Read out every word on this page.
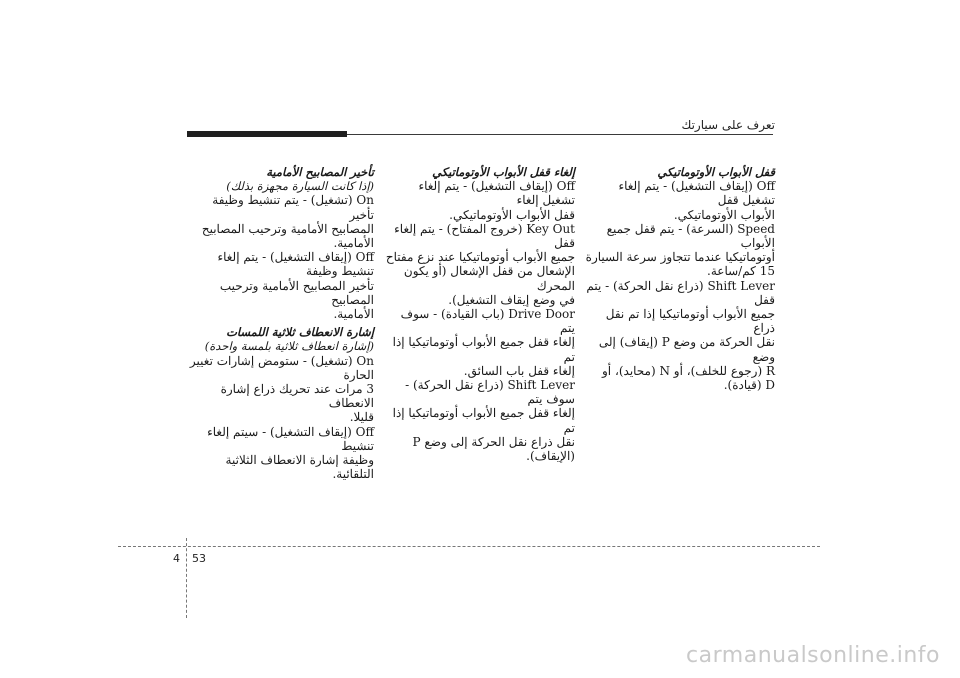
تعرف على سيارتك

قفل الأبواب الأوتوماتيكي

Off (إيقاف التشغيل) - يتم إلغاء تشغيل قفل

الأبواب الأوتوماتيكي.

Speed (السرعة) - يتم قفل جميع الأبواب

أوتوماتيكيا عندما تتجاوز سرعة السيارة

15 كم/ساعة.

Shift Lever (ذراع نقل الحركة) - يتم قفل

جميع الأبواب أوتوماتيكيا إذا تم نقل ذراع

نقل الحركة من وضع P (إيقاف) إلى وضع

R (رجوع للخلف)، أو N (محايد)، أو

D (قيادة).

إلغاء قفل الأبواب الأوتوماتيكي

Off (إيقاف التشغيل) - يتم إلغاء تشغيل إلغاء

قفل الأبواب الأوتوماتيكي.

Key Out (خروج المفتاح) - يتم إلغاء قفل

جميع الأبواب أوتوماتيكيا عند نزع مفتاح

الإشعال من قفل الإشعال (أو يكون المحرك

في وضع إيقاف التشغيل).

Drive Door (باب القيادة) - سوف يتم

إلغاء قفل جميع الأبواب أوتوماتيكيا إذا تم

إلغاء قفل باب السائق.

Shift Lever (ذراع نقل الحركة) - سوف يتم

إلغاء قفل جميع الأبواب أوتوماتيكيا إذا تم

نقل ذراع نقل الحركة إلى وضع P

(الإيقاف).

تأخير المصابيح الأمامية

(إذا كانت السيارة مجهزة بذلك)

On (تشغيل) - يتم تنشيط وظيفة تأخير

المصابيح الأمامية وترحيب المصابيح

الأمامية.

Off (إيقاف التشغيل) - يتم إلغاء تنشيط وظيفة

تأخير المصابيح الأمامية وترحيب المصابيح

الأمامية.

إشارة الانعطاف ثلاثية اللمسات

(إشارة انعطاف ثلاثية بلمسة واحدة)

On (تشغيل) - ستومض إشارات تغيير الحارة

3 مرات عند تحريك ذراع إشارة الانعطاف

قليلا.

Off (إيقاف التشغيل) - سيتم إلغاء تنشيط

وظيفة إشارة الانعطاف الثلاثية التلقائية.

4 53
carmanualsonline.info
